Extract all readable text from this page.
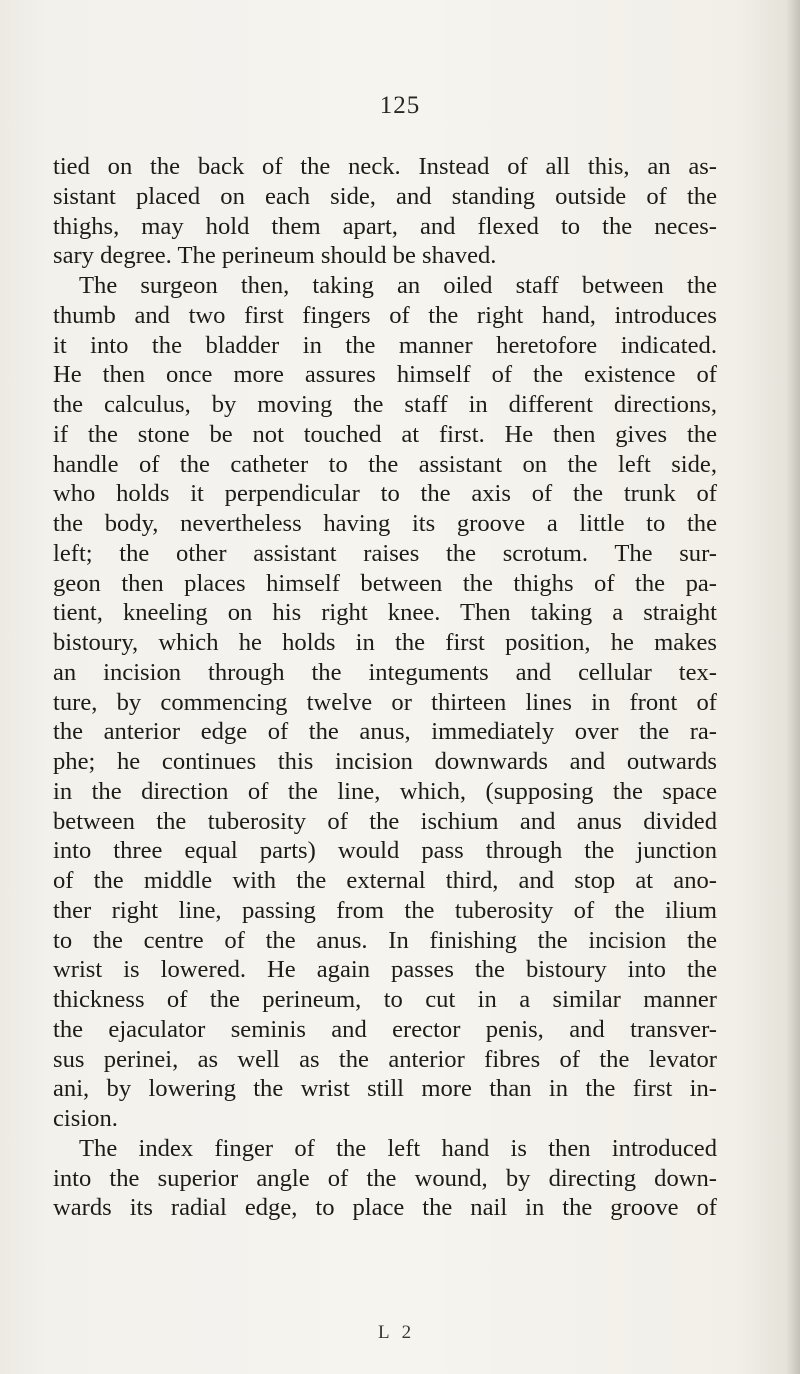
125
tied on the back of the neck. Instead of all this, an as-
sistant placed on each side, and standing outside of the
thighs, may hold them apart, and flexed to the neces-
sary degree. The perineum should be shaved.
The surgeon then, taking an oiled staff between the
thumb and two first fingers of the right hand, introduces
it into the bladder in the manner heretofore indicated.
He then once more assures himself of the existence of
the calculus, by moving the staff in different directions,
if the stone be not touched at first. He then gives the
handle of the catheter to the assistant on the left side,
who holds it perpendicular to the axis of the trunk of
the body, nevertheless having its groove a little to the
left; the other assistant raises the scrotum. The sur-
geon then places himself between the thighs of the pa-
tient, kneeling on his right knee. Then taking a straight
bistoury, which he holds in the first position, he makes
an incision through the integuments and cellular tex-
ture, by commencing twelve or thirteen lines in front of
the anterior edge of the anus, immediately over the ra-
phe; he continues this incision downwards and outwards
in the direction of the line, which, (supposing the space
between the tuberosity of the ischium and anus divided
into three equal parts) would pass through the junction
of the middle with the external third, and stop at ano-
ther right line, passing from the tuberosity of the ilium
to the centre of the anus. In finishing the incision the
wrist is lowered. He again passes the bistoury into the
thickness of the perineum, to cut in a similar manner
the ejaculator seminis and erector penis, and transver-
sus perinei, as well as the anterior fibres of the levator
ani, by lowering the wrist still more than in the first in-
cision.
The index finger of the left hand is then introduced
into the superior angle of the wound, by directing down-
wards its radial edge, to place the nail in the groove of
L 2
